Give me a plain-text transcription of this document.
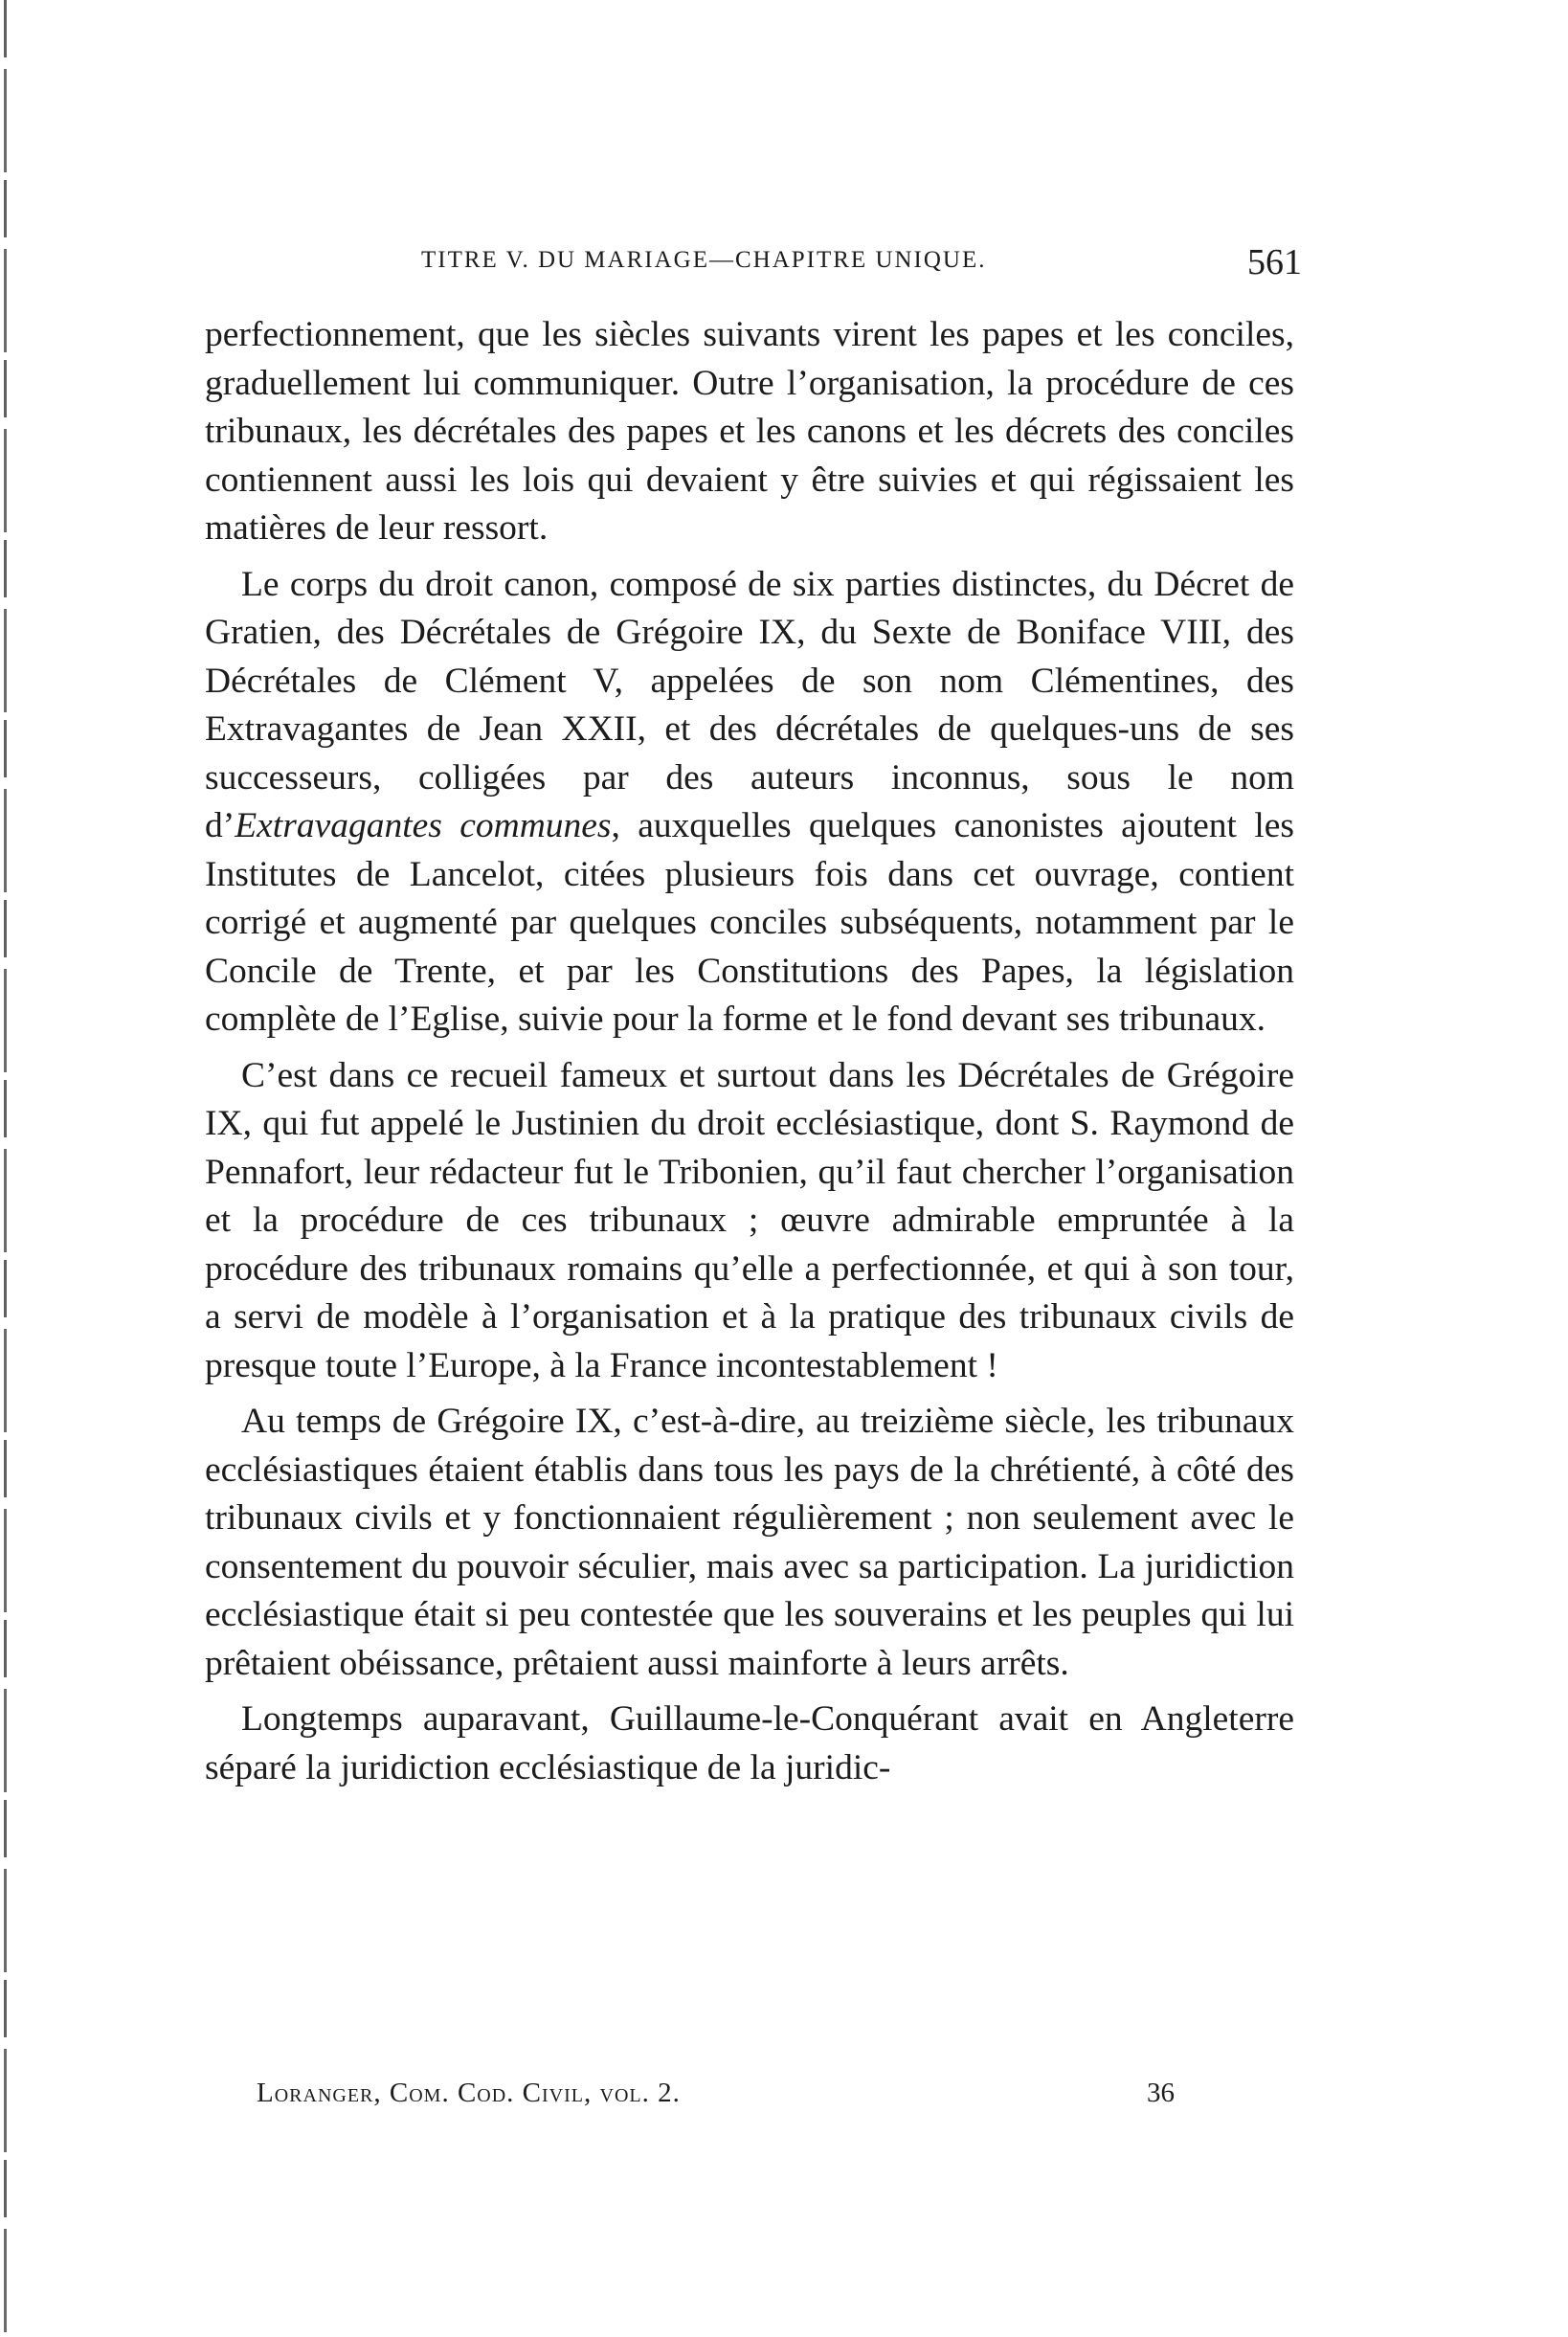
TITRE V. DU MARIAGE—CHAPITRE UNIQUE.	561

perfectionnement, que les siècles suivants virent les papes et les conciles, graduellement lui communiquer. Outre l’organisation, la procédure de ces tribunaux, les décrétales des papes et les canons et les décrets des conciles contiennent aussi les lois qui devaient y être suivies et qui régissaient les matières de leur ressort.

Le corps du droit canon, composé de six parties distinctes, du Décret de Gratien, des Décrétales de Grégoire IX, du Sexte de Boniface VIII, des Décrétales de Clément V, appelées de son nom Clémentines, des Extravagantes de Jean XXII, et des décrétales de quelques-uns de ses successeurs, colligées par des auteurs inconnus, sous le nom d’Extravagantes communes, auxquelles quelques canonistes ajoutent les Institutes de Lancelot, citées plusieurs fois dans cet ouvrage, contient corrigé et augmenté par quelques conciles subséquents, notamment par le Concile de Trente, et par les Constitutions des Papes, la législation complète de l’Eglise, suivie pour la forme et le fond devant ses tribunaux.

C’est dans ce recueil fameux et surtout dans les Décrétales de Grégoire IX, qui fut appelé le Justinien du droit ecclésiastique, dont S. Raymond de Pennafort, leur rédacteur fut le Tribonien, qu’il faut chercher l’organisation et la procédure de ces tribunaux ; œuvre admirable empruntée à la procédure des tribunaux romains qu’elle a perfectionnée, et qui à son tour, a servi de modèle à l’organisation et à la pratique des tribunaux civils de presque toute l’Europe, à la France incontestablement !

Au temps de Grégoire IX, c’est-à-dire, au treizième siècle, les tribunaux ecclésiastiques étaient établis dans tous les pays de la chrétienté, à côté des tribunaux civils et y fonctionnaient régulièrement ; non seulement avec le consentement du pouvoir séculier, mais avec sa participation. La juridiction ecclésiastique était si peu contestée que les souverains et les peuples qui lui prêtaient obéissance, prêtaient aussi mainforte à leurs arrêts.

Longtemps auparavant, Guillaume-le-Conquérant avait en Angleterre séparé la juridiction ecclésiastique de la juridic-

Loranger, Com. Cod. Civil, vol. 2.	36
